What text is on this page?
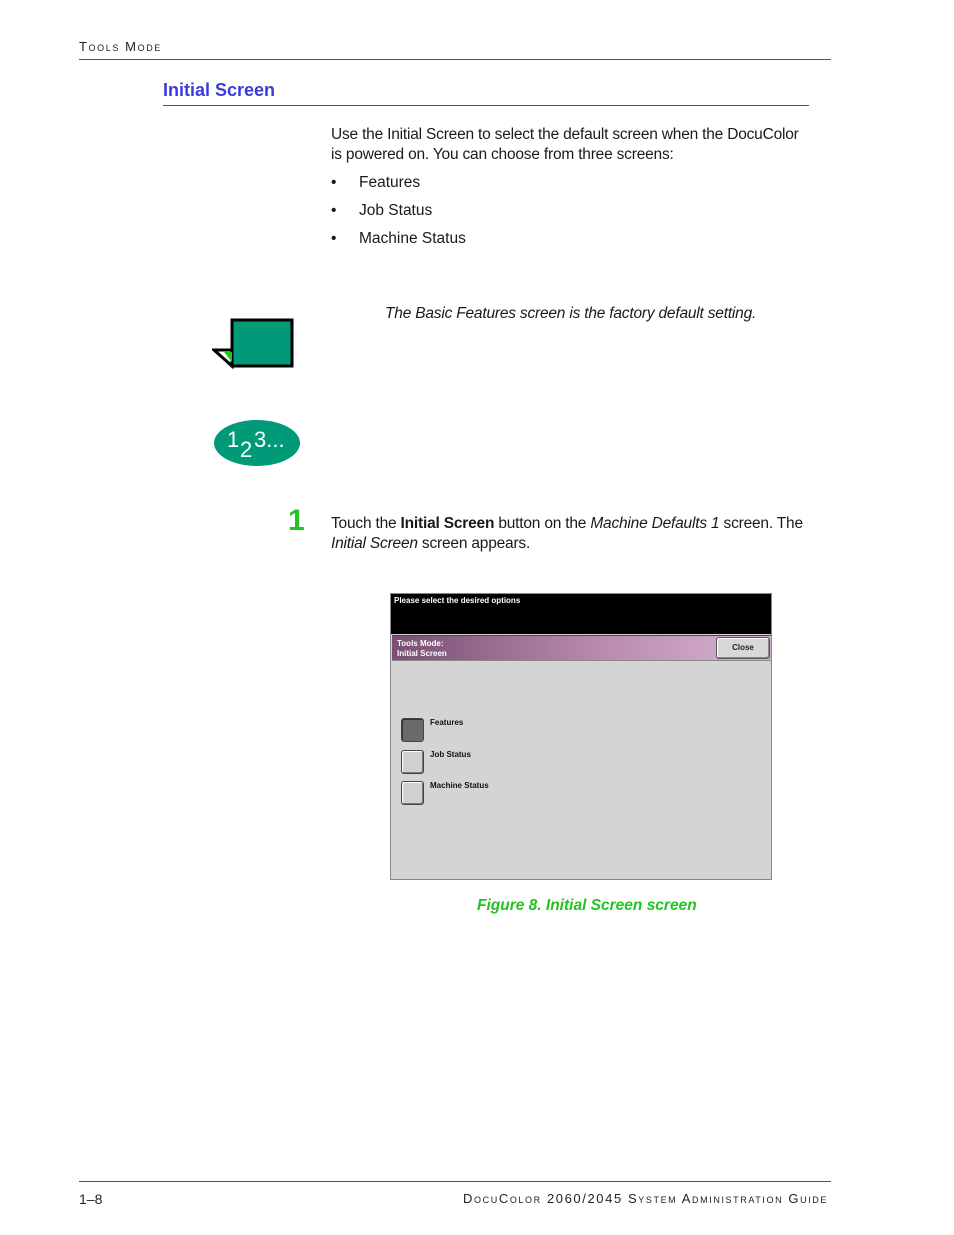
Tools Mode
Initial Screen
Use the Initial Screen to select the default screen when the DocuColor is powered on. You can choose from three screens:
• Features
• Job Status
• Machine Status
The Basic Features screen is the factory default setting.
1 2 3...
1 Touch the Initial Screen button on the Machine Defaults 1 screen. The Initial Screen screen appears.
Please select the desired options
Tools Mode:
Initial Screen
Close
Features
Job Status
Machine Status
Figure 8. Initial Screen screen
1–8	DocuColor 2060/2045 System Administration Guide
